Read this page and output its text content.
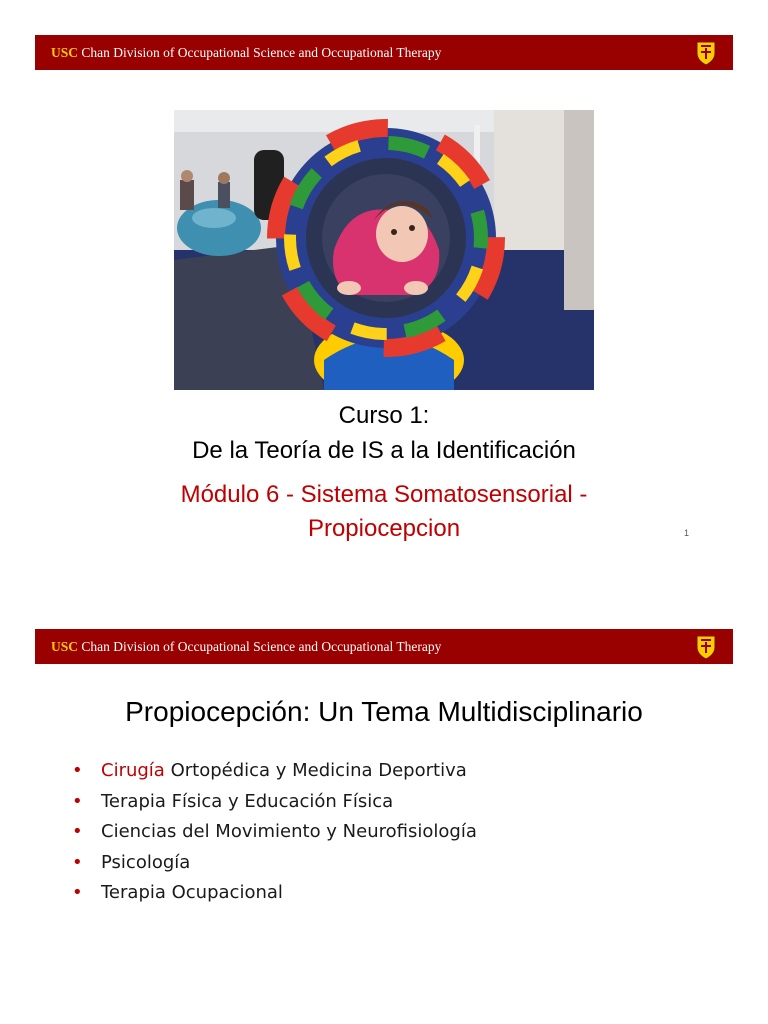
USC Chan Division of Occupational Science and Occupational Therapy
Curso 1:
De la Teoría de IS a la Identificación
Módulo 6 - Sistema Somatosensorial -
Propiocepcion	1
USC Chan Division of Occupational Science and Occupational Therapy
Propiocepción: Un Tema Multidisciplinario
• Cirugía Ortopédica y Medicina Deportiva
• Terapia Física y Educación Física
• Ciencias del Movimiento y Neurofisiología
• Psicología
• Terapia Ocupacional
